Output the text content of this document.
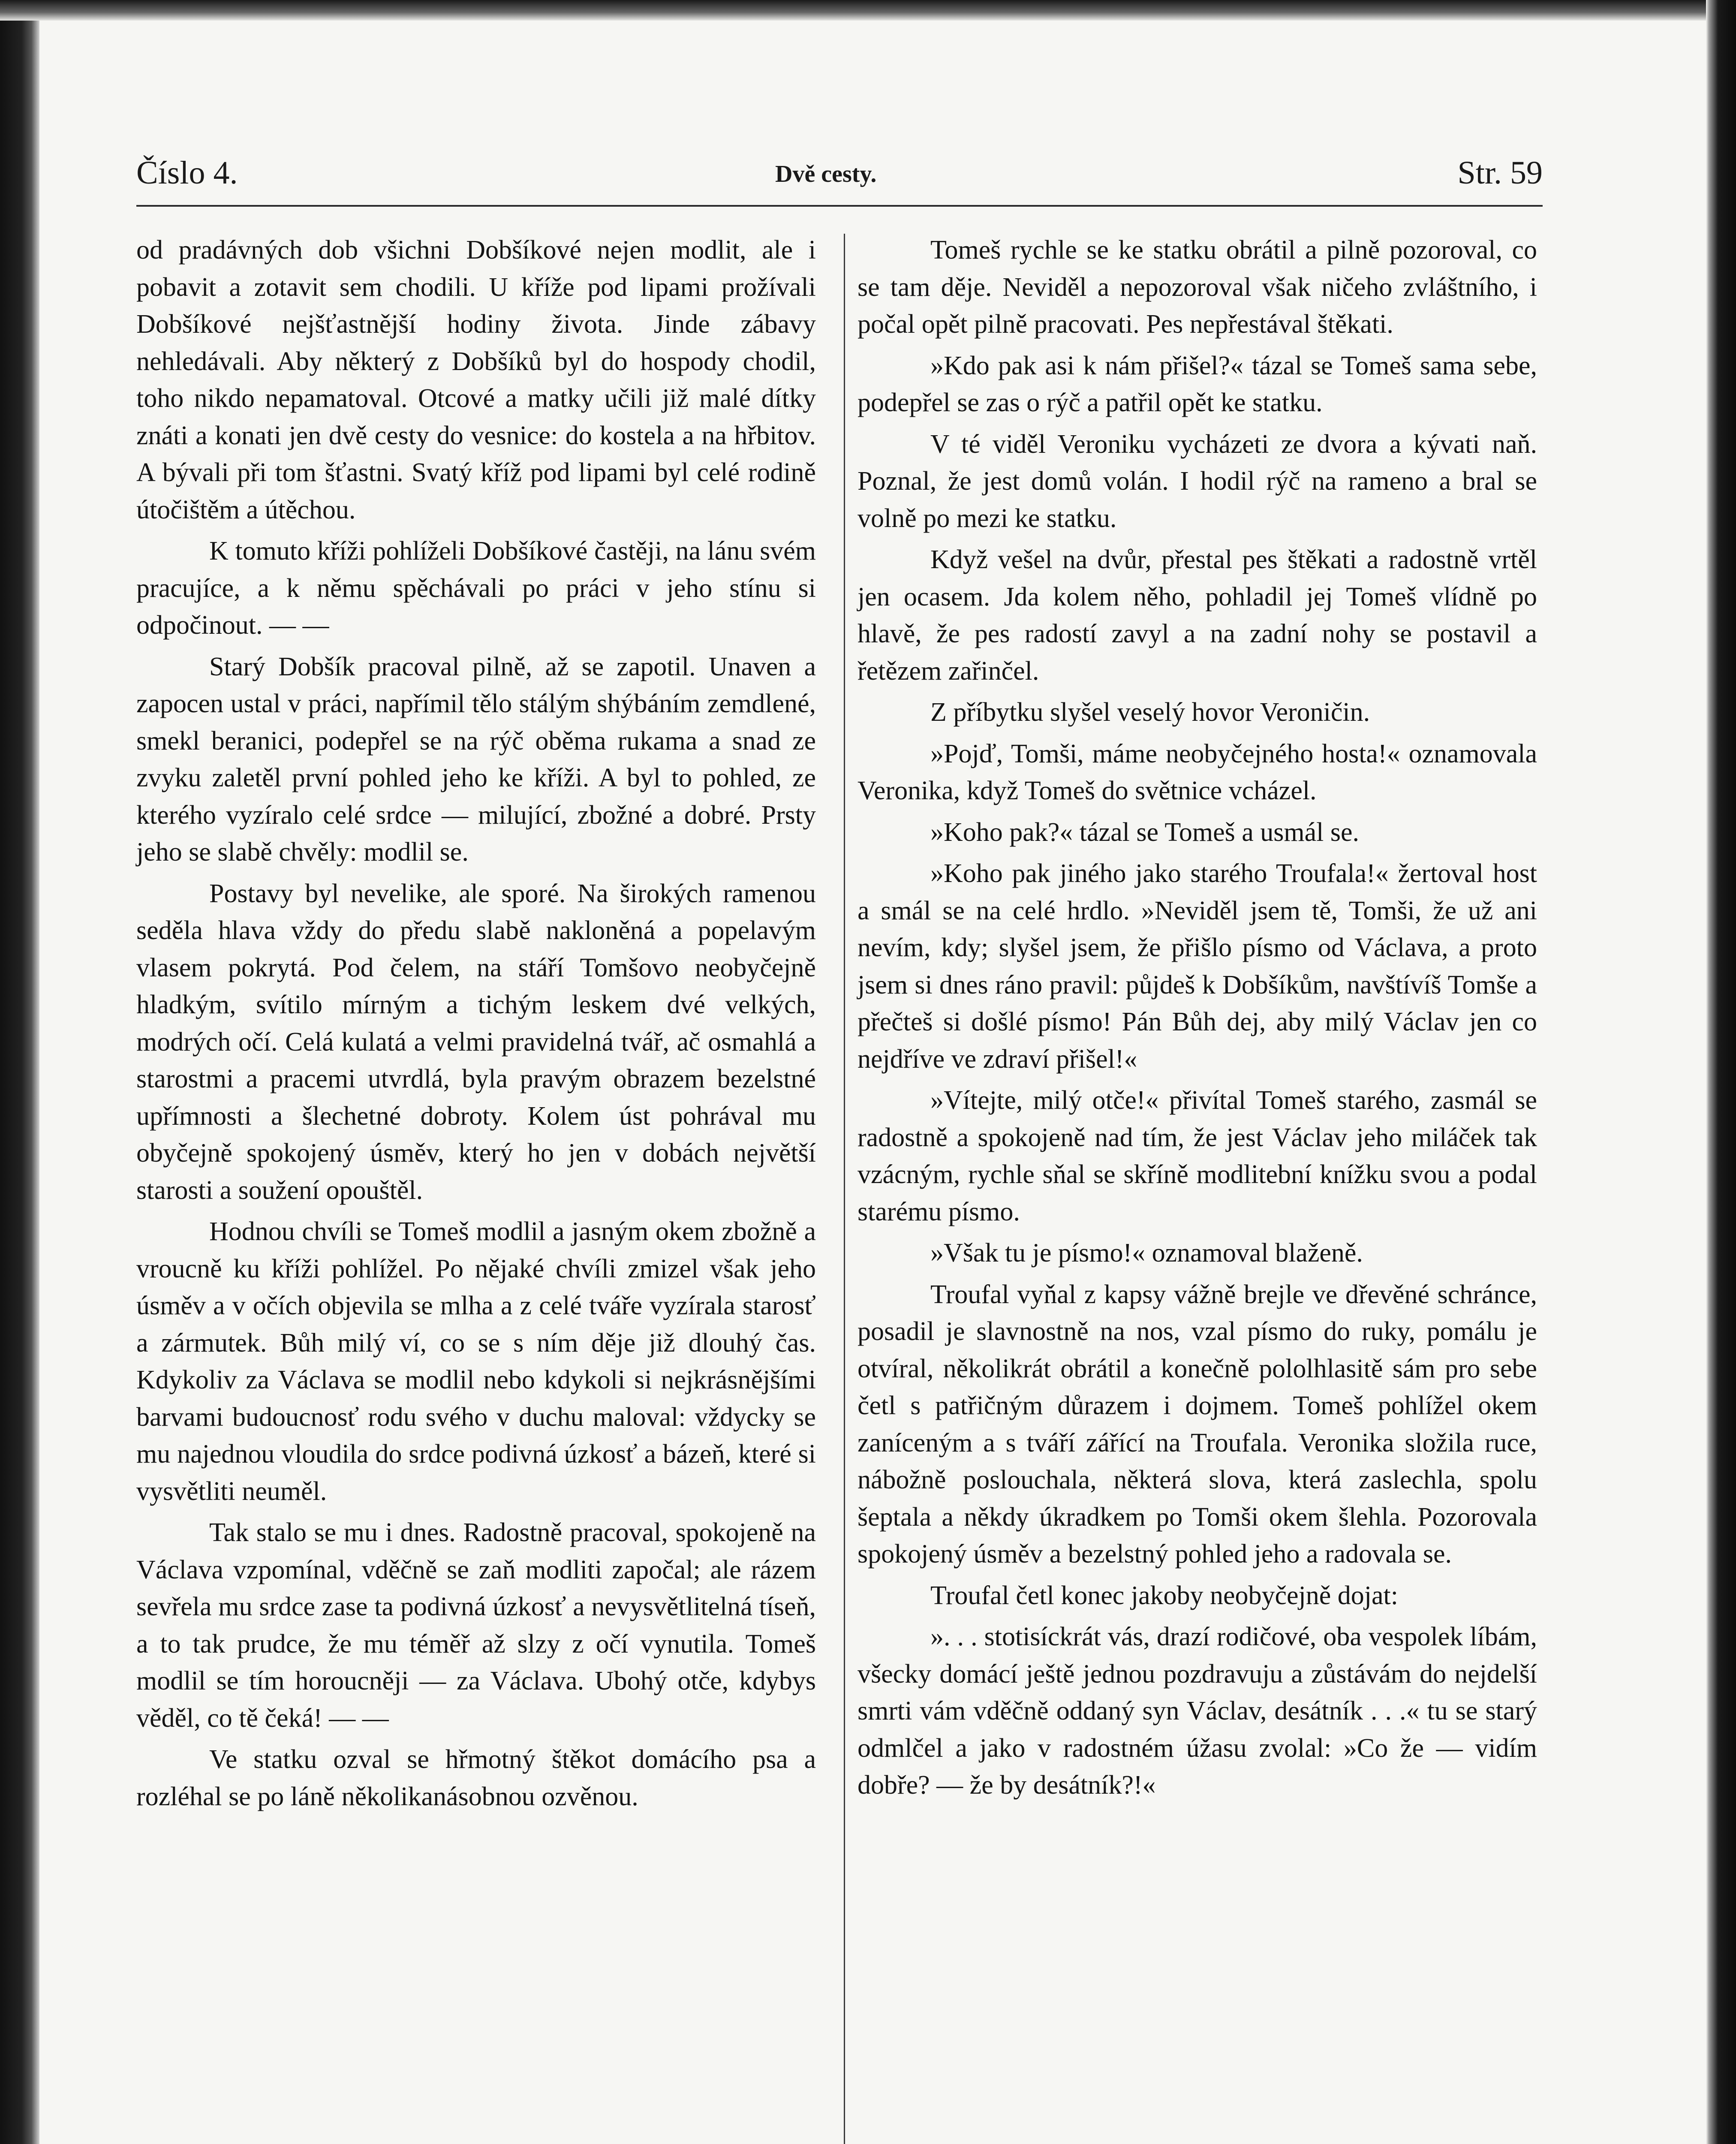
Číslo 4.	Dvě cesty.	Str. 59

od pradávných dob všichni Dobšíkové nejen modlit, ale i pobavit a zotavit sem chodili. U kříže pod lipami prožívali Dobšíkové nejšťastnější hodiny života. Jinde zábavy nehledávali. Aby některý z Dobšíků byl do hospody chodil, toho nikdo nepamatoval. Otcové a matky učili již malé dítky znáti a konati jen dvě cesty do vesnice: do kostela a na hřbitov. A bývali při tom šťastni. Svatý kříž pod lipami byl celé rodině útočištěm a útěchou.

K tomuto kříži pohlíželi Dobšíkové častěji, na lánu svém pracujíce, a k němu spěchávali po práci v jeho stínu si odpočinout. — —

Starý Dobšík pracoval pilně, až se zapotil. Unaven a zapocen ustal v práci, napřímil tělo stálým shýbáním zemdlené, smekl beranici, podepřel se na rýč oběma rukama a snad ze zvyku zaletěl první pohled jeho ke kříži. A byl to pohled, ze kterého vyzíralo celé srdce — milující, zbožné a dobré. Prsty jeho se slabě chvěly: modlil se.

Postavy byl nevelike, ale sporé. Na širokých ramenou seděla hlava vždy do předu slabě nakloněná a popelavým vlasem pokrytá. Pod čelem, na stáří Tomšovo neobyčejně hladkým, svítilo mírným a tichým leskem dvé velkých, modrých očí. Celá kulatá a velmi pravidelná tvář, ač osmahlá a starostmi a pracemi utvrdlá, byla pravým obrazem bezelstné upřímnosti a šlechetné dobroty. Kolem úst pohrával mu obyčejně spokojený úsměv, který ho jen v dobách největší starosti a soužení opouštěl.

Hodnou chvíli se Tomeš modlil a jasným okem zbožně a vroucně ku kříži pohlížel. Po nějaké chvíli zmizel však jeho úsměv a v očích objevila se mlha a z celé tváře vyzírala starosť a zármutek. Bůh milý ví, co se s ním děje již dlouhý čas. Kdykoliv za Václava se modlil nebo kdykoli si nejkrásnějšími barvami budoucnosť rodu svého v duchu maloval: vždycky se mu najednou vloudila do srdce podivná úzkosť a bázeň, které si vysvětliti neuměl.

Tak stalo se mu i dnes. Radostně pracoval, spokojeně na Václava vzpomínal, vděčně se zaň modliti započal; ale rázem sevřela mu srdce zase ta podivná úzkosť a nevysvětlitelná tíseň, a to tak prudce, že mu téměř až slzy z očí vynutila. Tomeš modlil se tím horoucněji — za Václava. Ubohý otče, kdybys věděl, co tě čeká! — —

Ve statku ozval se hřmotný štěkot domácího psa a rozléhal se po láně několikanásobnou ozvěnou.

Tomeš rychle se ke statku obrátil a pilně pozoroval, co se tam děje. Neviděl a nepozoroval však ničeho zvláštního, i počal opět pilně pracovati. Pes nepřestával štěkati.

»Kdo pak asi k nám přišel?« tázal se Tomeš sama sebe, podepřel se zas o rýč a patřil opět ke statku.

V té viděl Veroniku vycházeti ze dvora a kývati naň. Poznal, že jest domů volán. I hodil rýč na rameno a bral se volně po mezi ke statku.

Když vešel na dvůr, přestal pes štěkati a radostně vrtěl jen ocasem. Jda kolem něho, pohladil jej Tomeš vlídně po hlavě, že pes radostí zavyl a na zadní nohy se postavil a řetězem zařinčel.

Z příbytku slyšel veselý hovor Veroničin.

»Pojď, Tomši, máme neobyčejného hosta!« oznamovala Veronika, když Tomeš do světnice vcházel.

»Koho pak?« tázal se Tomeš a usmál se.

»Koho pak jiného jako starého Troufala!« žertoval host a smál se na celé hrdlo. »Neviděl jsem tě, Tomši, že už ani nevím, kdy; slyšel jsem, že přišlo písmo od Václava, a proto jsem si dnes ráno pravil: půjdeš k Dobšíkům, navštívíš Tomše a přečteš si došlé písmo! Pán Bůh dej, aby milý Václav jen co nejdříve ve zdraví přišel!«

»Vítejte, milý otče!« přivítal Tomeš starého, zasmál se radostně a spokojeně nad tím, že jest Václav jeho miláček tak vzácným, rychle sňal se skříně modlitební knížku svou a podal starému písmo.

»Však tu je písmo!« oznamoval blaženě.

Troufal vyňal z kapsy vážně brejle ve dřevěné schránce, posadil je slavnostně na nos, vzal písmo do ruky, pomálu je otvíral, několikrát obrátil a konečně pololhlasitě sám pro sebe četl s patřičným důrazem i dojmem. Tomeš pohlížel okem zaníceným a s tváří zářící na Troufala. Veronika složila ruce, nábožně poslouchala, některá slova, která zaslechla, spolu šeptala a někdy úkradkem po Tomši okem šlehla. Pozorovala spokojený úsměv a bezelstný pohled jeho a radovala se.

Troufal četl konec jakoby neobyčejně dojat:

». . . stotisíckrát vás, drazí rodičové, oba vespolek líbám, všecky domácí ještě jednou pozdravuju a zůstávám do nejdelší smrti vám vděčně oddaný syn Václav, desátník . . .« tu se starý odmlčel a jako v radostném úžasu zvolal: »Co že — vidím dobře? — že by desátník?!«
